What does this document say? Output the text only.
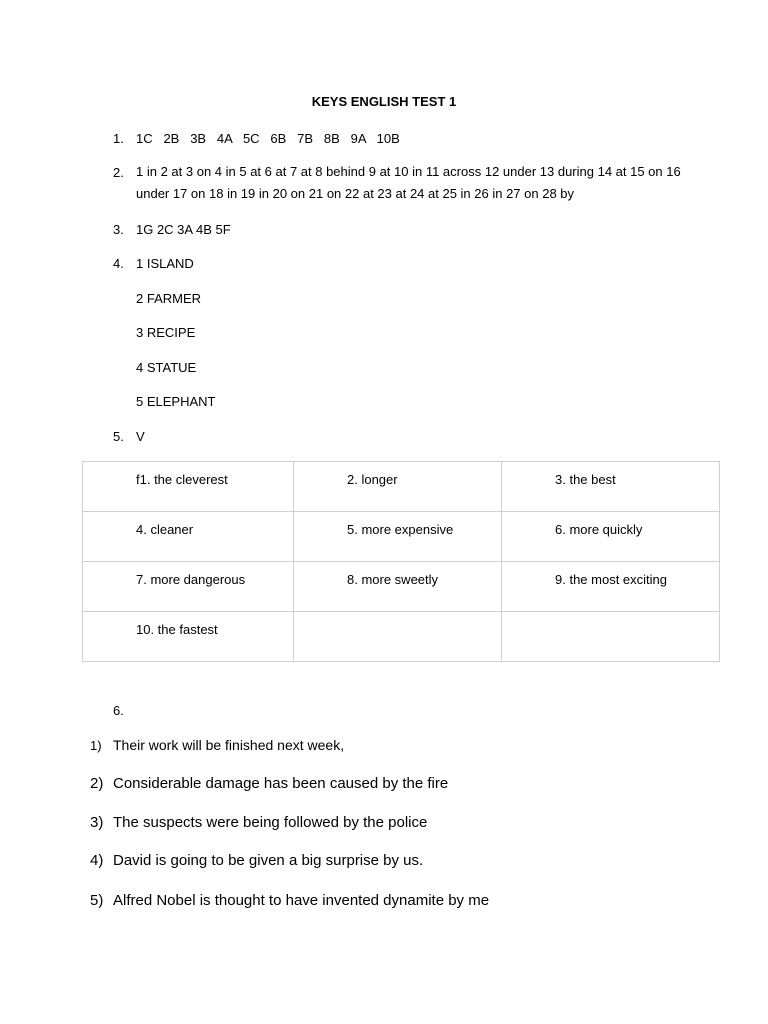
KEYS ENGLISH TEST 1
1. 1C   2B   3B   4A   5C   6B   7B   8B   9A   10B
2. 1 in 2 at 3 on 4 in 5 at 6 at 7 at 8 behind 9 at 10 in 11 across 12 under 13 during 14 at 15 on 16 under 17 on 18 in 19 in 20 on 21 on 22 at 23 at 24 at 25 in 26 in 27 on 28 by
3. 1G 2C 3A 4B 5F
4. 1 ISLAND
2 FARMER
3 RECIPE
4 STATUE
5 ELEPHANT
5. V
f1. the cleverest	2. longer	3. the best
4. cleaner	5. more expensive	6. more quickly
7. more dangerous	8. more sweetly	9. the most exciting
10. the fastest		
6.
1) Their work will be finished next week,
2) Considerable damage has been caused by the fire
3) The suspects were being followed by the police
4) David is going to be given a big surprise by us.
5) Alfred Nobel is thought to have invented dynamite by me
